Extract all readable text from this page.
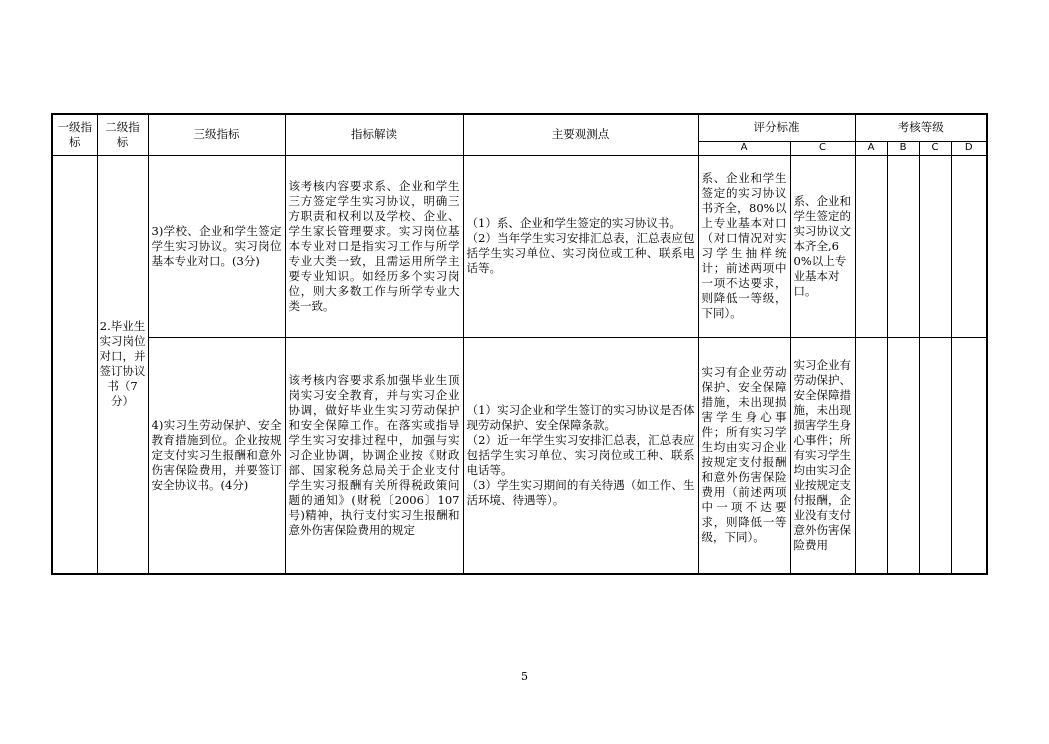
一级指标	二级指标	三级指标	指标解读	主要观测点	评分标准		考核等级			
					A	C	A	B	C	D
	2.毕业生实习岗位对口，并签订协议书（7分）	3)学校、企业和学生签定学生实习协议。实习岗位基本专业对口。(3分)	该考核内容要求系、企业和学生三方签定学生实习协议，明确三方职责和权利以及学校、企业、学生家长管理要求。实习岗位基本专业对口是指实习工作与所学专业大类一致，且需运用所学主要专业知识。如经历多个实习岗位，则大多数工作与所学专业大类一致。	（1）系、企业和学生签定的实习协议书。
（2）当年学生实习安排汇总表，汇总表应包括学生实习单位、实习岗位或工种、联系电话等。	系、企业和学生签定的实习协议书齐全，80%以上专业基本对口（对口情况对实习学生抽样统计；前述两项中一项不达要求，则降低一等级，下同）。	系、企业和学生签定的实习协议文本齐全,60%以上专业基本对口。				
		4)实习生劳动保护、安全教育措施到位。企业按规定支付实习生报酬和意外伤害保险费用，并要签订安全协议书。(4分)	该考核内容要求系加强毕业生顶岗实习安全教育，并与实习企业协调，做好毕业生实习劳动保护和安全保障工作。在落实或指导学生实习安排过程中，加强与实习企业协调，协调企业按《财政部、国家税务总局关于企业支付学生实习报酬有关所得税政策问题的通知》(财税〔2006〕107号)精神，执行支付实习生报酬和意外伤害保险费用的规定	（1）实习企业和学生签订的实习协议是否体现劳动保护、安全保障条款。
（2）近一年学生实习安排汇总表，汇总表应包括学生实习单位、实习岗位或工种、联系电话等。
（3）学生实习期间的有关待遇（如工作、生活环境、待遇等）。	实习有企业劳动保护、安全保障措施，未出现损害学生身心事件；所有实习学生均由实习企业按规定支付报酬和意外伤害保险费用（前述两项中一项不达要求，则降低一等级，下同）。	实习企业有劳动保护、安全保障措施，未出现损害学生身心事件；所有实习学生均由实习企业按规定支付报酬，企业没有支付意外伤害保险费用				
5
